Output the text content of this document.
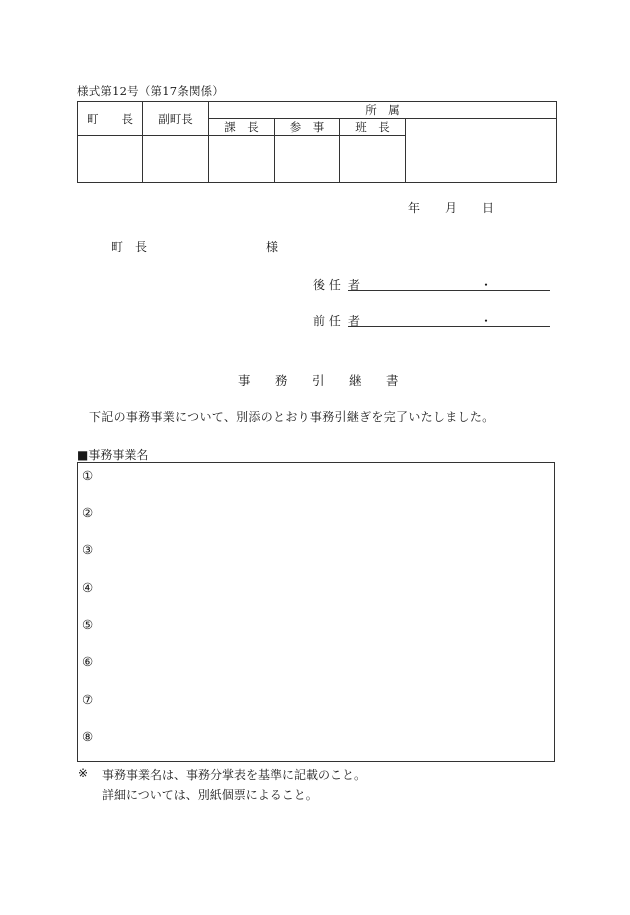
様式第12号（第17条関係）
町　　長	副町長	所　属			
		課　長	参　事	班　長	

年 月 日
町　長	様
後 任 者	・
前 任 者	・
事 務 引 継 書
下記の事務事業について、別添のとおり事務引継ぎを完了いたしました。
■事務事業名
①
②
③
④
⑤
⑥
⑦
⑧
※ 事務事業名は、事務分掌表を基準に記載のこと。
詳細については、別紙個票によること。
